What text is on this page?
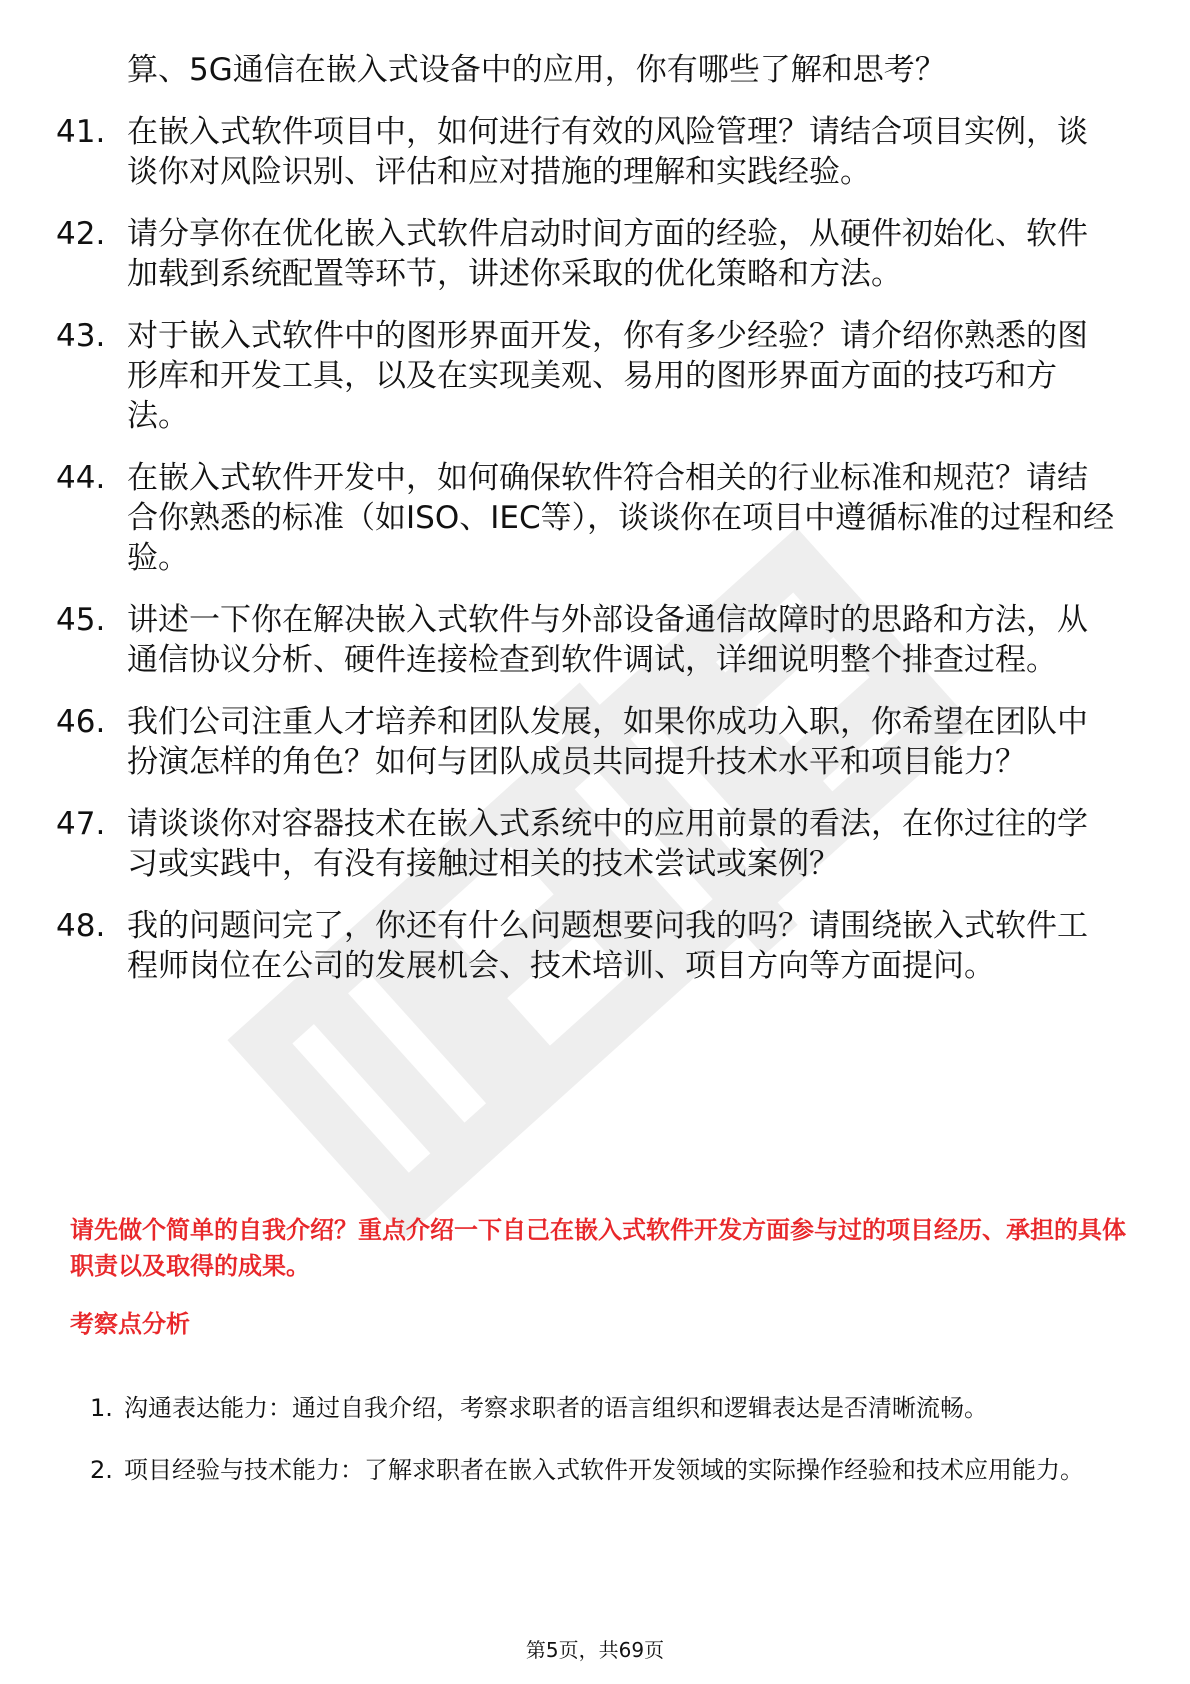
算、5G通信在嵌入式设备中的应用，你有哪些了解和思考？

41. 在嵌入式软件项目中，如何进行有效的风险管理？请结合项目实例，谈谈你对风险识别、评估和应对措施的理解和实践经验。
42. 请分享你在优化嵌入式软件启动时间方面的经验，从硬件初始化、软件加载到系统配置等环节，讲述你采取的优化策略和方法。
43. 对于嵌入式软件中的图形界面开发，你有多少经验？请介绍你熟悉的图形库和开发工具，以及在实现美观、易用的图形界面方面的技巧和方法。
44. 在嵌入式软件开发中，如何确保软件符合相关的行业标准和规范？请结合你熟悉的标准（如ISO、IEC等），谈谈你在项目中遵循标准的过程和经验。
45. 讲述一下你在解决嵌入式软件与外部设备通信故障时的思路和方法，从通信协议分析、硬件连接检查到软件调试，详细说明整个排查过程。
46. 我们公司注重人才培养和团队发展，如果你成功入职，你希望在团队中扮演怎样的角色？如何与团队成员共同提升技术水平和项目能力？
47. 请谈谈你对容器技术在嵌入式系统中的应用前景的看法，在你过往的学习或实践中，有没有接触过相关的技术尝试或案例？
48. 我的问题问完了，你还有什么问题想要问我的吗？请围绕嵌入式软件工程师岗位在公司的发展机会、技术培训、项目方向等方面提问。

请先做个简单的自我介绍？重点介绍一下自己在嵌入式软件开发方面参与过的项目经历、承担的具体职责以及取得的成果。

考察点分析
1. 沟通表达能力：通过自我介绍，考察求职者的语言组织和逻辑表达是否清晰流畅。
2. 项目经验与技术能力：了解求职者在嵌入式软件开发领域的实际操作经验和技术应用能力。

第5页，共69页
